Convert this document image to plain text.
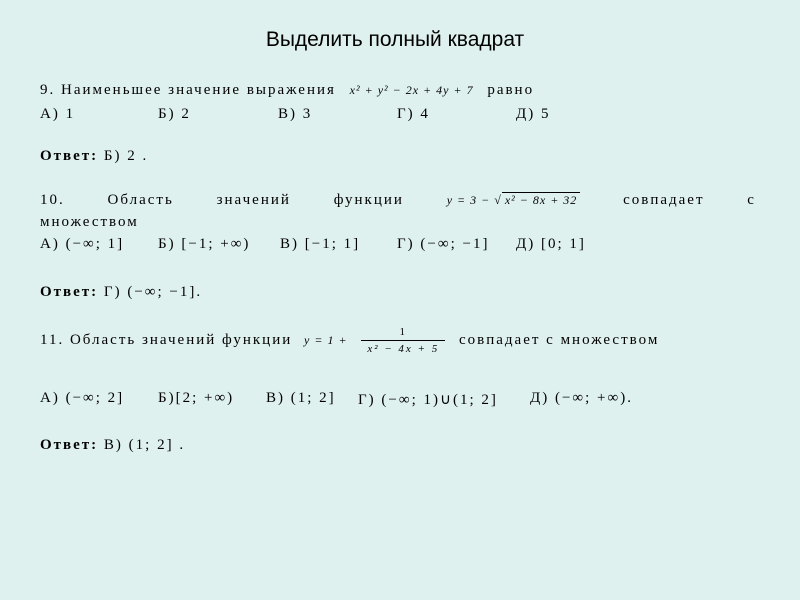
Выделить полный квадрат
9. Наименьшее значение выражения x² + y² − 2x + 4y + 7 равно
А) 1	Б) 2	В) 3	Г) 4	Д) 5
Ответ: Б) 2 .
10.	Область	значений	функции	y = 3 − √ x² − 8x + 32	совпадает	с
множеством
А) (−∞; 1] Б) [−1; +∞) В) [−1; 1] Г) (−∞; −1] Д) [0; 1]
Ответ: Г) (−∞; −1].
11. Область значений функции $y = 1 + \frac{1}{\text{x² − 4x + 5}}$ совпадает с множеством
А) (−∞; 2] Б)[2; +∞) В) (1; 2] Г) (−∞; 1)∪(1; 2] Д) (−∞; +∞).
Ответ: В) (1; 2] .
